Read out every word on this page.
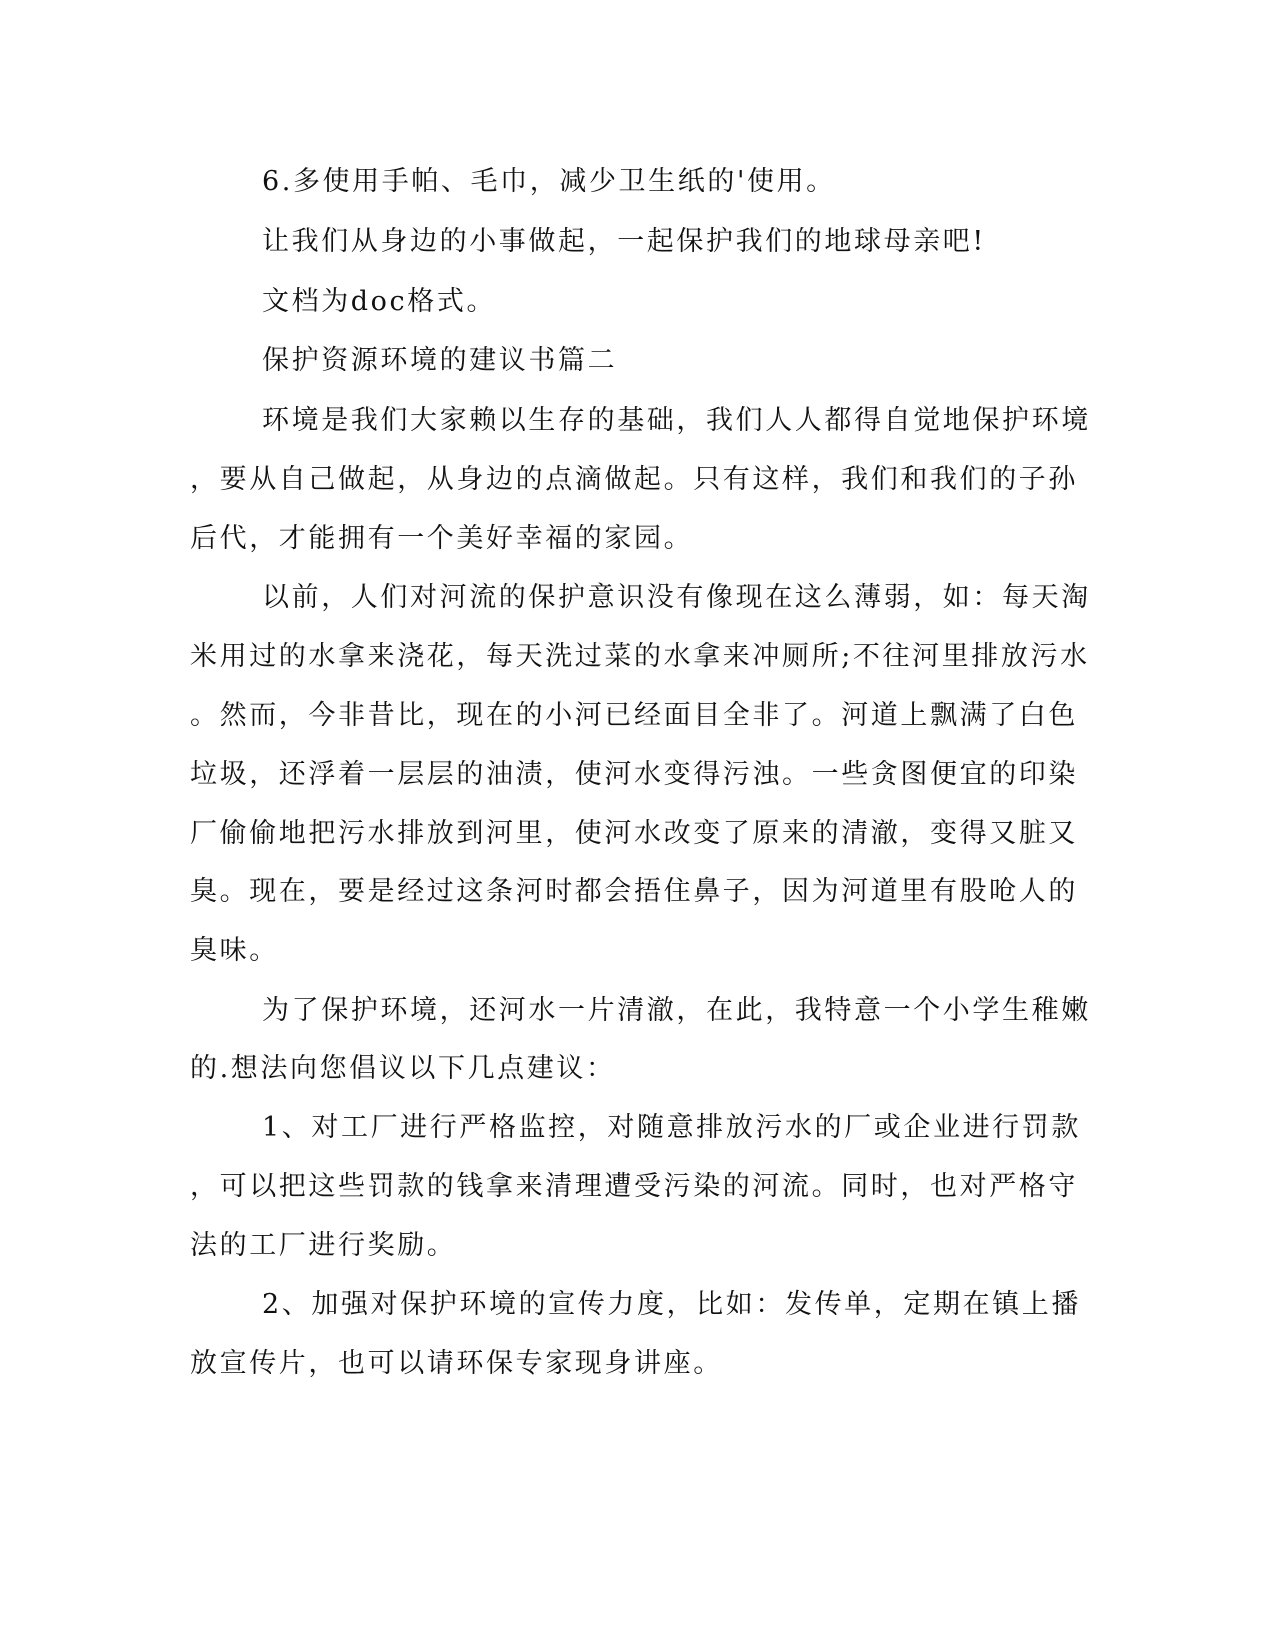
6.多使用手帕、毛巾，减少卫生纸的'使用。
让我们从身边的小事做起，一起保护我们的地球母亲吧!
文档为doc格式。
保护资源环境的建议书篇二
环境是我们大家赖以生存的基础，我们人人都得自觉地保护环境
，要从自己做起，从身边的点滴做起。只有这样，我们和我们的子孙
后代，才能拥有一个美好幸福的家园。
以前，人们对河流的保护意识没有像现在这么薄弱，如：每天淘
米用过的水拿来浇花，每天洗过菜的水拿来冲厕所;不往河里排放污水
。然而，今非昔比，现在的小河已经面目全非了。河道上飘满了白色
垃圾，还浮着一层层的油渍，使河水变得污浊。一些贪图便宜的印染
厂偷偷地把污水排放到河里，使河水改变了原来的清澈，变得又脏又
臭。现在，要是经过这条河时都会捂住鼻子，因为河道里有股呛人的
臭味。
为了保护环境，还河水一片清澈，在此，我特意一个小学生稚嫩
的.想法向您倡议以下几点建议：
1、对工厂进行严格监控，对随意排放污水的厂或企业进行罚款
，可以把这些罚款的钱拿来清理遭受污染的河流。同时，也对严格守
法的工厂进行奖励。
2、加强对保护环境的宣传力度，比如：发传单，定期在镇上播
放宣传片，也可以请环保专家现身讲座。
